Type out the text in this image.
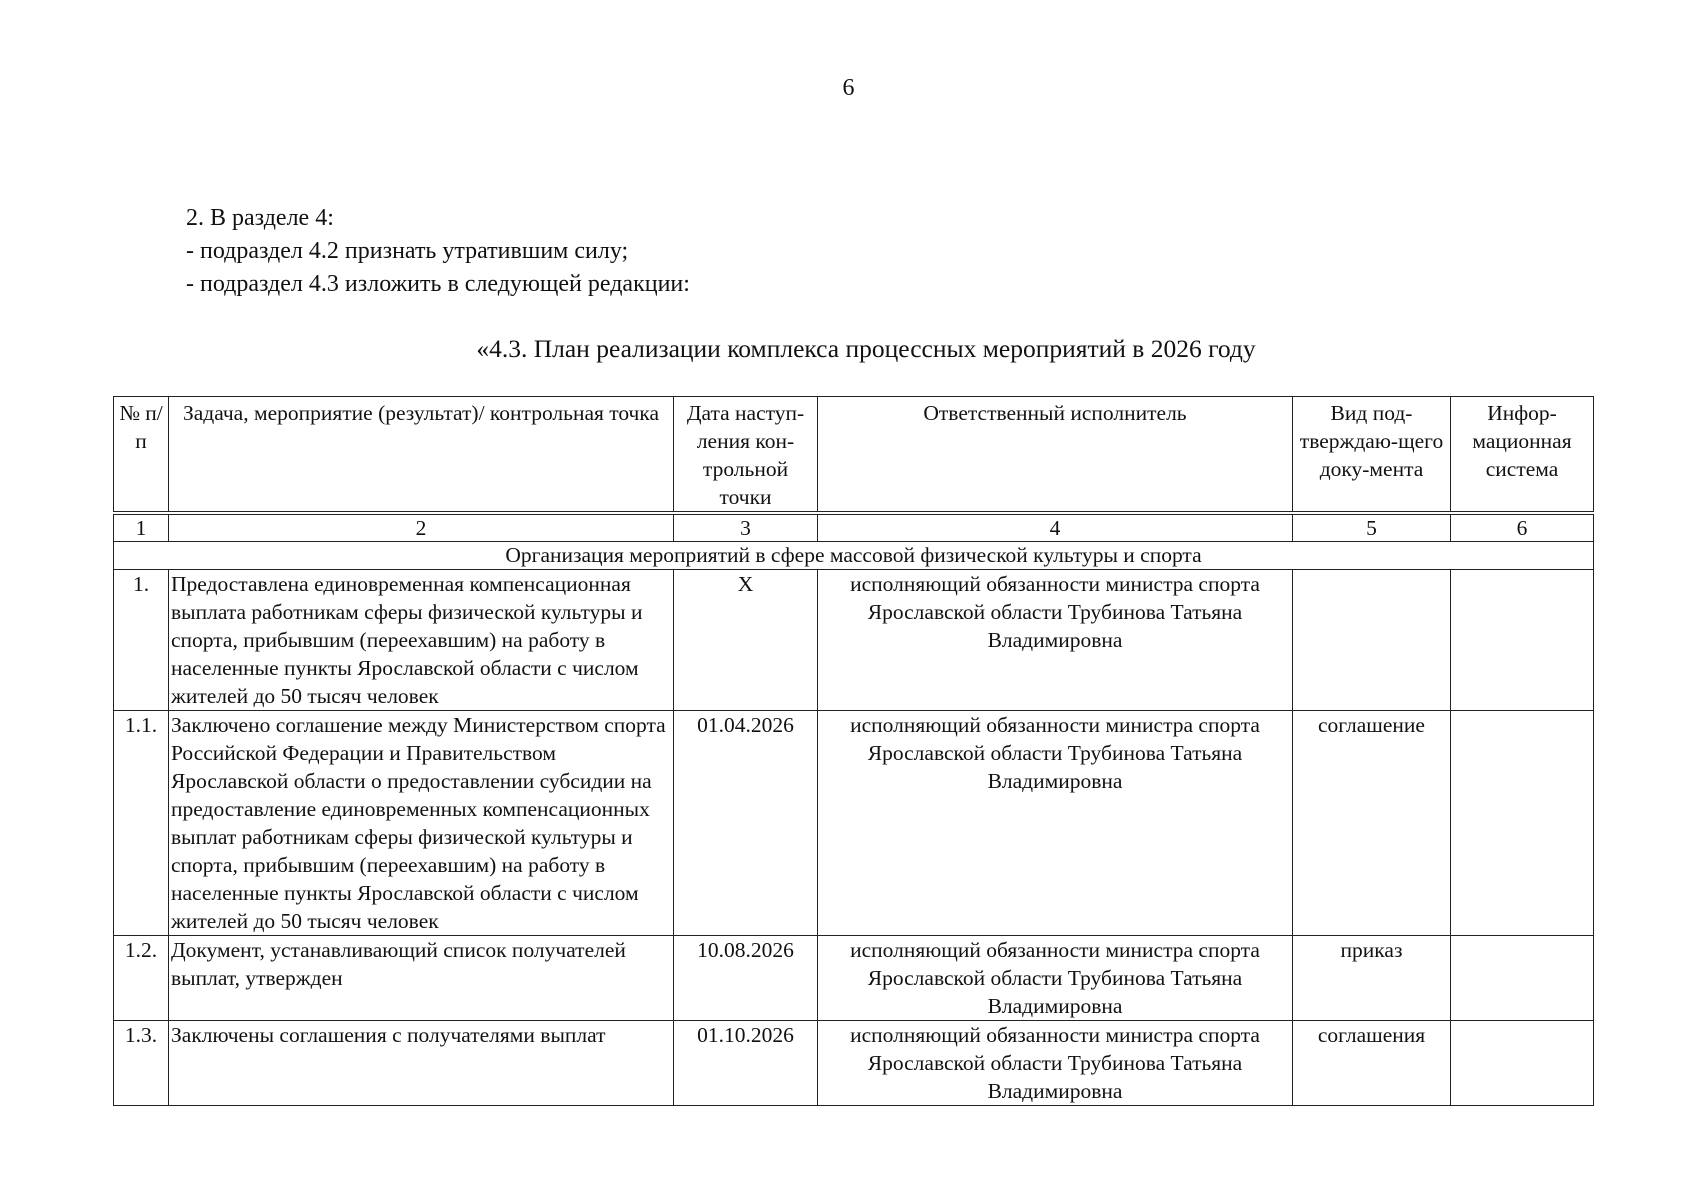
6
2. В разделе 4:
- подраздел 4.2 признать утратившим силу;
- подраздел 4.3 изложить в следующей редакции:
«4.3. План реализации комплекса процессных мероприятий в 2026 году
№ п/п	Задача, мероприятие (результат)/ контрольная точка	Дата наступ-ления кон-трольной точки	Ответственный исполнитель	Вид под-тверждаю-щего доку-мента	Инфор-мационная система
1	2	3	4	5	6
Организация мероприятий в сфере массовой физической культуры и спорта					
1.	Предоставлена единовременная компенсационная выплата работникам сферы физической культуры и спорта, прибывшим (переехавшим) на работу в населенные пункты Ярославской области с числом жителей до 50 тысяч человек	X	исполняющий обязанности министра спорта Ярославской области Трубинова Татьяна Владимировна		
1.1.	Заключено соглашение между Министерством спорта Российской Федерации и Правительством Ярославской области о предоставлении субсидии на предоставление единовременных компенсационных выплат работникам сферы физической культуры и спорта, прибывшим (переехавшим) на работу в населенные пункты Ярославской области с числом жителей до 50 тысяч человек	01.04.2026	исполняющий обязанности министра спорта Ярославской области Трубинова Татьяна Владимировна	соглашение	
1.2.	Документ, устанавливающий список получателей выплат, утвержден	10.08.2026	исполняющий обязанности министра спорта Ярославской области Трубинова Татьяна Владимировна	приказ	
1.3.	Заключены соглашения с получателями выплат	01.10.2026	исполняющий обязанности министра спорта Ярославской области Трубинова Татьяна Владимировна	соглашения	
